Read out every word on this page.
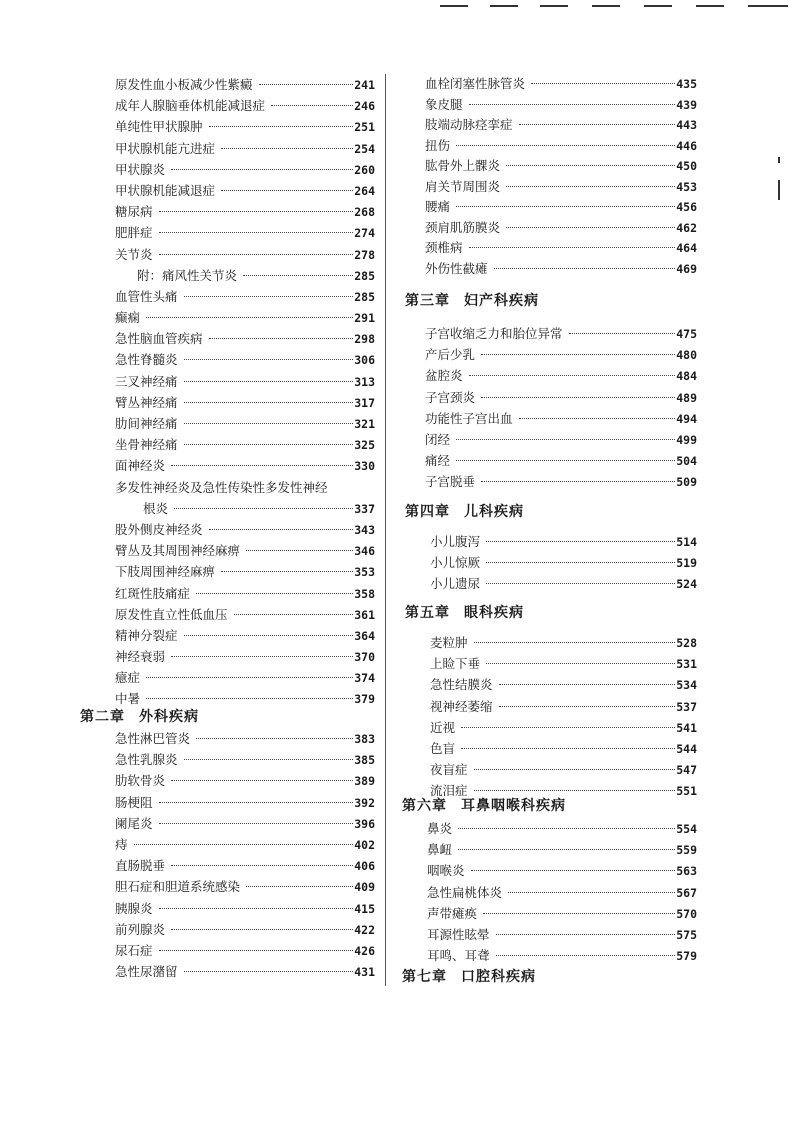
原发性血小板减少性紫癜	241
成年人腺脑垂体机能减退症	246
单纯性甲状腺肿	251
甲状腺机能亢进症	254
甲状腺炎	260
甲状腺机能减退症	264
糖尿病	268
肥胖症	274
关节炎	278
附：痛风性关节炎	285
血管性头痛	285
癫痫	291
急性脑血管疾病	298
急性脊髓炎	306
三叉神经痛	313
臂丛神经痛	317
肋间神经痛	321
坐骨神经痛	325
面神经炎	330
多发性神经炎及急性传染性多发性神经
根炎	337
股外侧皮神经炎	343
臂丛及其周围神经麻痹	346
下肢周围神经麻痹	353
红斑性肢痛症	358
原发性直立性低血压	361
精神分裂症	364
神经衰弱	370
癔症	374
中暑	379
第二章 外科疾病
急性淋巴管炎	383
急性乳腺炎	385
肋软骨炎	389
肠梗阻	392
阑尾炎	396
痔	402
直肠脱垂	406
胆石症和胆道系统感染	409
胰腺炎	415
前列腺炎	422
尿石症	426
急性尿潴留	431
血栓闭塞性脉管炎	435
象皮腿	439
肢端动脉痉挛症	443
扭伤	446
肱骨外上髁炎	450
肩关节周围炎	453
腰痛	456
颈肩肌筋膜炎	462
颈椎病	464
外伤性截瘫	469
第三章 妇产科疾病
子宫收缩乏力和胎位异常	475
产后少乳	480
盆腔炎	484
子宫颈炎	489
功能性子宫出血	494
闭经	499
痛经	504
子宫脱垂	509
第四章 儿科疾病
小儿腹泻	514
小儿惊厥	519
小儿遗尿	524
第五章 眼科疾病
麦粒肿	528
上睑下垂	531
急性结膜炎	534
视神经萎缩	537
近视	541
色盲	544
夜盲症	547
流泪症	551
第六章 耳鼻咽喉科疾病
鼻炎	554
鼻衄	559
咽喉炎	563
急性扁桃体炎	567
声带瘫痪	570
耳源性眩晕	575
耳鸣、耳聋	579
第七章 口腔科疾病
